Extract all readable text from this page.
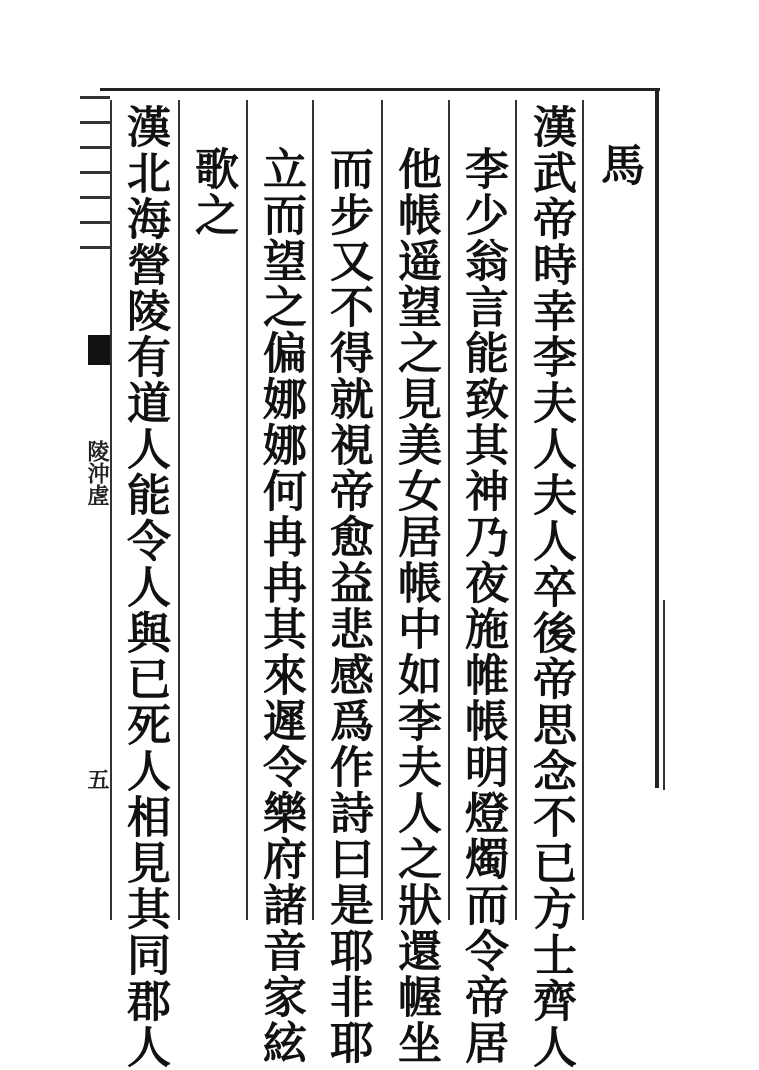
馬
漢武帝時幸李夫人夫人卒後帝思念不已方士齊人
李少翁言能致其神乃夜施帷帳明燈燭而令帝居
他帳遥望之見美女居帳中如李夫人之狀還幄坐
而步又不得就視帝愈益悲感爲作詩曰是耶非耶
立而望之偏娜娜何冉冉其來遲令樂府諸音家絃
歌之
漢北海營陵有道人能令人與已死人相見其同郡人
陵沖虗
五
